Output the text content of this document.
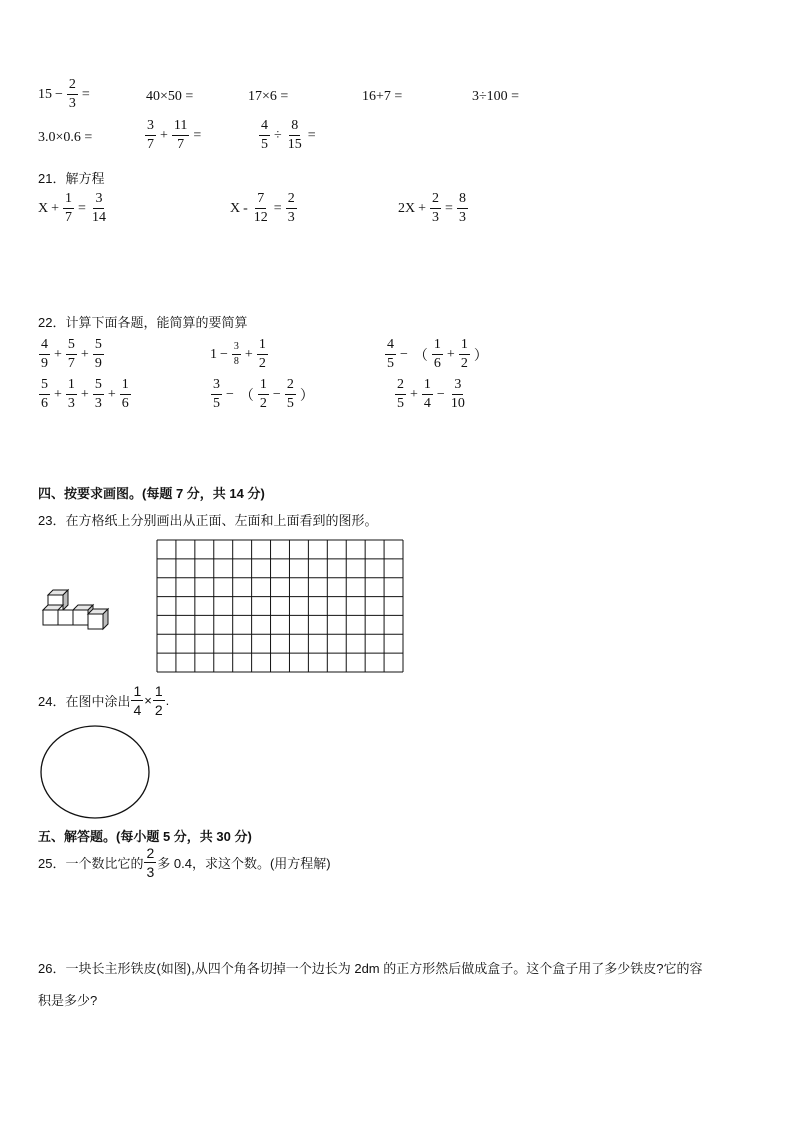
$15 - \frac{2}{3}$ =	40×50 =	17×6 =	16+7 =	3÷100 =
3.0×0.6 =	$\frac{3}{7} + \frac{11}{7}$ =	$\frac{4}{5} \div \frac{8}{15}$ =
21．解方程
$X + \frac{1}{7} = \frac{3}{14}$	$X - \frac{7}{12} = \frac{2}{3}$	$2X + \frac{2}{3} = \frac{8}{3}$
22．计算下面各题，能简算的要简算
$\frac{4}{9} + \frac{5}{7} + \frac{5}{9}$	$1 - \frac{3}{8} + \frac{1}{2}$	$\frac{4}{5}$ − （ $\frac{1}{6} + \frac{1}{2}$ ）
$\frac{5}{6} + \frac{1}{3} + \frac{5}{3} + \frac{1}{6}$	$\frac{3}{5}$ − （ $\frac{1}{2} - \frac{2}{5}$ ）	$\frac{2}{5} + \frac{1}{4} - \frac{3}{10}$
四、按要求画图。(每题 7 分，共 14 分)
23．在方格纸上分别画出从正面、左面和上面看到的图形。
24．在图中涂出 $\frac{1}{4} \times \frac{1}{2}$ .
五、解答题。(每小题 5 分，共 30 分)
25．一个数比它的 $\frac{2}{3}$ 多 0.4，求这个数。(用方程解)
26．一块长主形铁皮(如图),从四个角各切掉一个边长为 2dm 的正方形然后做成盒子。这个盒子用了多少铁皮?它的容
积是多少?
